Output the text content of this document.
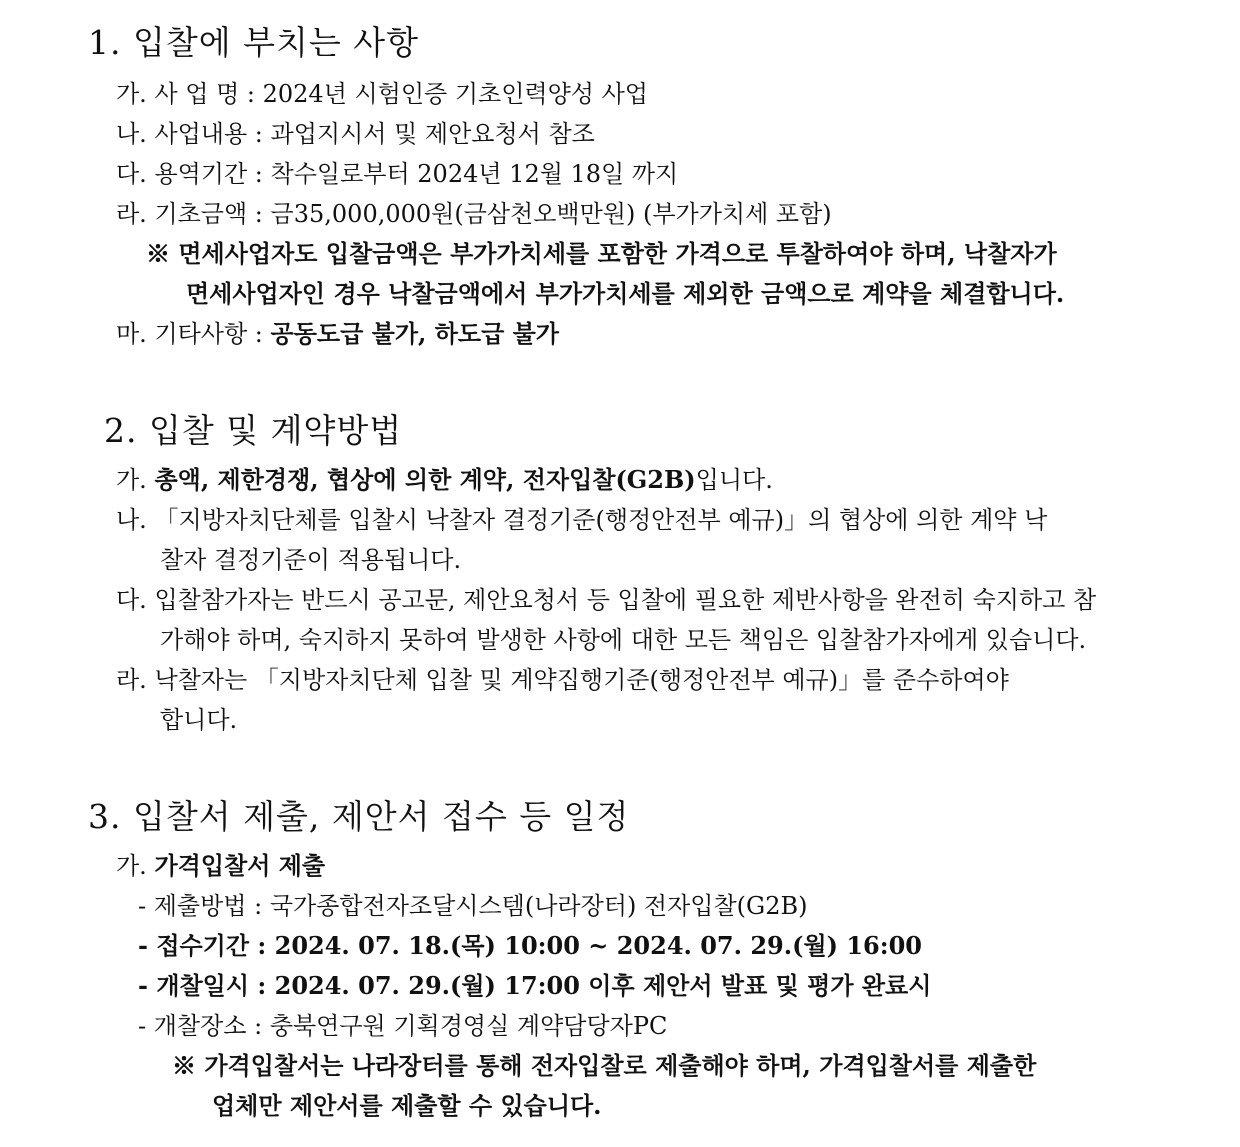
1. 입찰에 부치는 사항
가. 사 업 명 : 2024년 시험인증 기초인력양성 사업
나. 사업내용 : 과업지시서 및 제안요청서 참조
다. 용역기간 : 착수일로부터 2024년 12월 18일 까지
라. 기초금액 : 금35,000,000원(금삼천오백만원) (부가가치세 포함)
※ 면세사업자도 입찰금액은 부가가치세를 포함한 가격으로 투찰하여야 하며, 낙찰자가
면세사업자인 경우 낙찰금액에서 부가가치세를 제외한 금액으로 계약을 체결합니다.
마. 기타사항 : 공동도급 불가, 하도급 불가
2. 입찰 및 계약방법
가. 총액, 제한경쟁, 협상에 의한 계약, 전자입찰(G2B)입니다.
나. 「지방자치단체를 입찰시 낙찰자 결정기준(행정안전부 예규)」의 협상에 의한 계약 낙
찰자 결정기준이 적용됩니다.
다. 입찰참가자는 반드시 공고문, 제안요청서 등 입찰에 필요한 제반사항을 완전히 숙지하고 참
가해야 하며, 숙지하지 못하여 발생한 사항에 대한 모든 책임은 입찰참가자에게 있습니다.
라. 낙찰자는 「지방자치단체 입찰 및 계약집행기준(행정안전부 예규)」를 준수하여야
합니다.
3. 입찰서 제출, 제안서 접수 등 일정
가. 가격입찰서 제출
- 제출방법 : 국가종합전자조달시스템(나라장터) 전자입찰(G2B)
- 접수기간 : 2024. 07. 18.(목) 10:00 ~ 2024. 07. 29.(월) 16:00
- 개찰일시 : 2024. 07. 29.(월) 17:00 이후 제안서 발표 및 평가 완료시
- 개찰장소 : 충북연구원 기획경영실 계약담당자PC
※ 가격입찰서는 나라장터를 통해 전자입찰로 제출해야 하며, 가격입찰서를 제출한
업체만 제안서를 제출할 수 있습니다.
